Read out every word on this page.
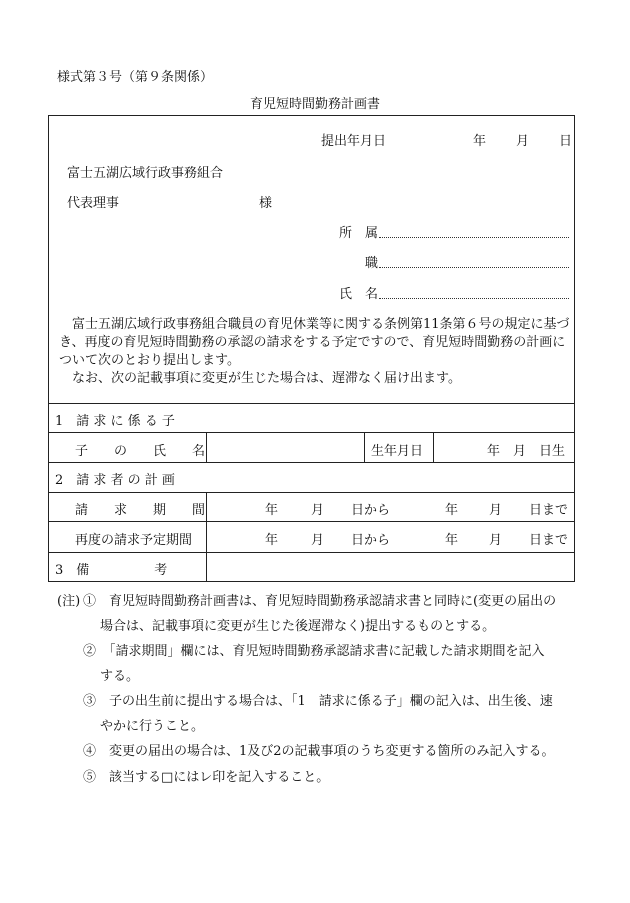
様式第３号（第９条関係）
育児短時間勤務計画書
提出年月日	年 月 日
富士五湖広域行政事務組合
代表理事	様
所　属
職
氏　名
富士五湖広域行政事務組合職員の育児休業等に関する条例第11条第６号の規定に基づき、再度の育児短時間勤務の承認の請求をする予定ですので、育児短時間勤務の計画について次のとおり提出します。
なお、次の記載事項に変更が生じた場合は、遅滞なく届け出ます。
1　請 求 に 係 る 子
子　　の　　氏　　名	生年月日	年　月　日生
2　請 求 者 の 計 画
請　　求　　期　　間	年	月 日から	年 月 日まで
再度の請求予定期間	年	月 日から	年 月 日まで
3　備　　　　　考
(注) ①　育児短時間勤務計画書は、育児短時間勤務承認請求書と同時に(変更の届出の
場合は、記載事項に変更が生じた後遅滞なく)提出するものとする。
②　「請求期間」欄には、育児短時間勤務承認請求書に記載した請求期間を記入
する。
③　子の出生前に提出する場合は、「1　請求に係る子」欄の記入は、出生後、速
やかに行うこと。
④　変更の届出の場合は、1及び2の記載事項のうち変更する箇所のみ記入する。
⑤　該当する□にはレ印を記入すること。
